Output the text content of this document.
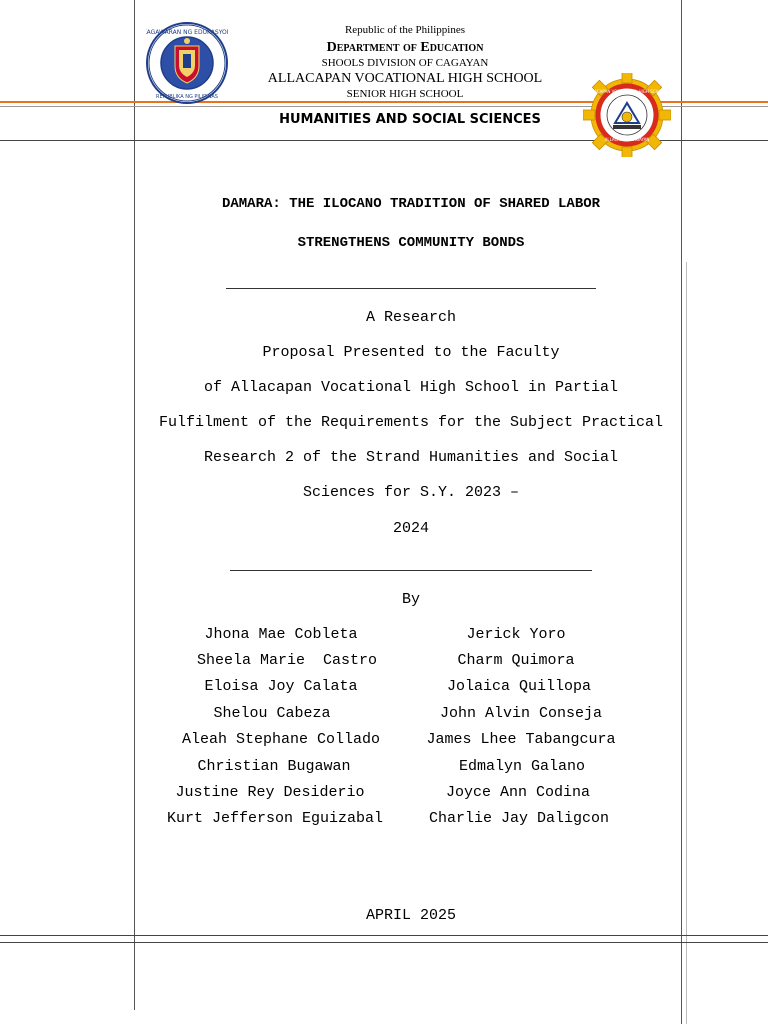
KAGAWARAN NG EDUKASYON
REPUBLIKA NG PILIPINAS
ALLACAPAN VOCATIONAL HIGH SCHOOL
ALLACAPAN, CAGAYAN
Republic of the Philippines
Department of Education
SHOOLS DIVISION OF CAGAYAN
ALLACAPAN VOCATIONAL HIGH SCHOOL
SENIOR HIGH SCHOOL
HUMANITIES AND SOCIAL SCIENCES
DAMARA: THE ILOCANO TRADITION OF SHARED LABOR
STRENGTHENS COMMUNITY BONDS
A Research
Proposal Presented to the Faculty
of Allacapan Vocational High School in Partial
Fulfilment of the Requirements for the Subject Practical
Research 2 of the Strand Humanities and Social
Sciences for S.Y. 2023 –
2024
By
Jhona Mae Cobleta
Sheela Marie  Castro
Eloisa Joy Calata
Shelou Cabeza
Aleah Stephane Collado
Christian Bugawan
Justine Rey Desiderio
Kurt Jefferson Eguizabal
Jerick Yoro
Charm Quimora
Jolaica Quillopa
John Alvin Conseja
James Lhee Tabangcura
Edmalyn Galano
Joyce Ann Codina
Charlie Jay Daligcon
APRIL 2025
